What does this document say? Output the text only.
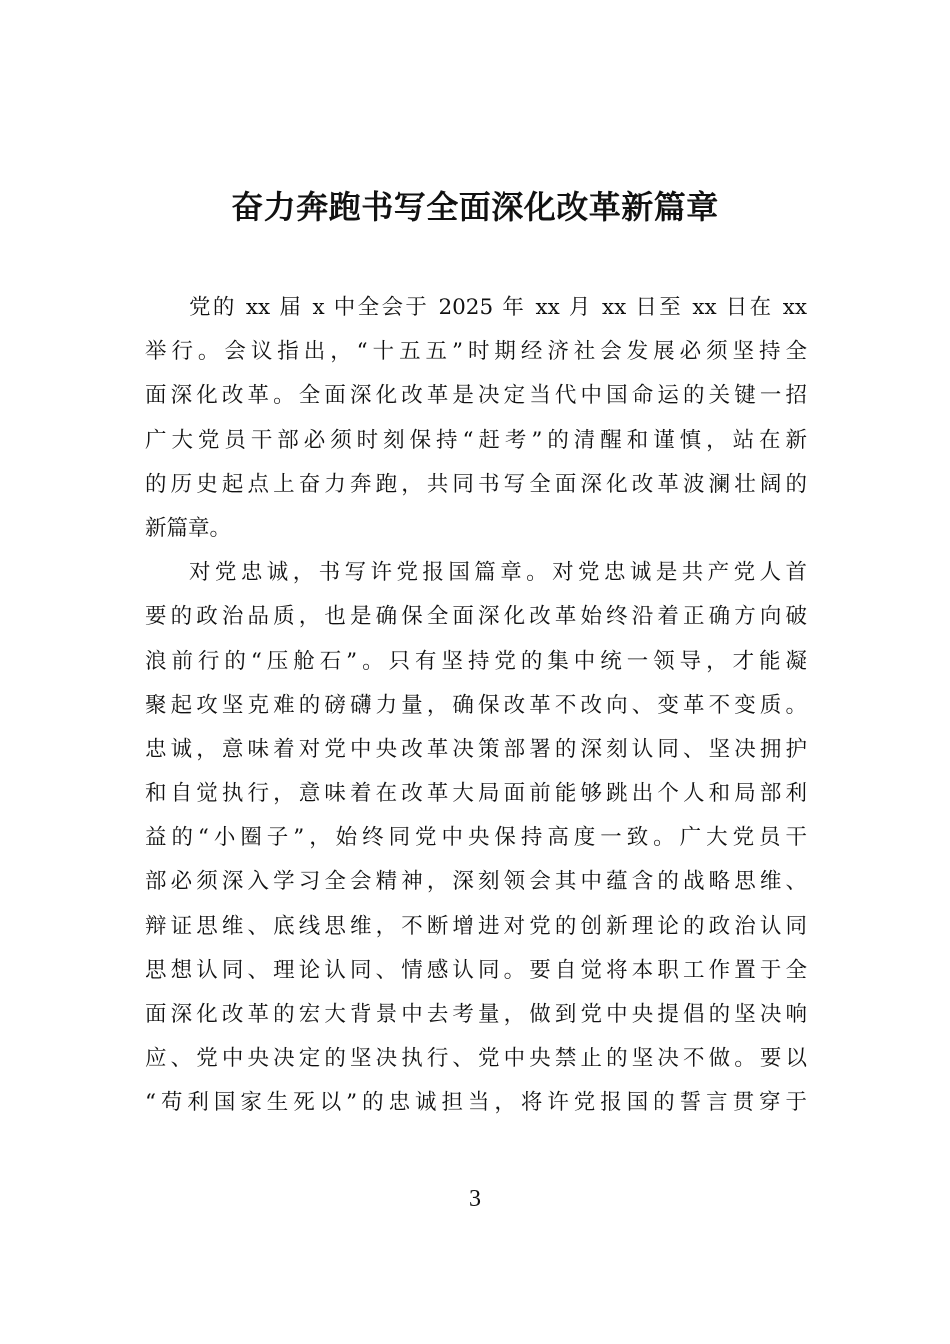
奋力奔跑书写全面深化改革新篇章
党的 xx 届 x 中全会于 2025 年 xx 月 xx 日至 xx 日在 xx
举行。会议指出，“十五五”时期经济社会发展必须坚持全
面深化改革。全面深化改革是决定当代中国命运的关键一招
广大党员干部必须时刻保持“赶考”的清醒和谨慎，站在新
的历史起点上奋力奔跑，共同书写全面深化改革波澜壮阔的
新篇章。
对党忠诚，书写许党报国篇章。对党忠诚是共产党人首
要的政治品质，也是确保全面深化改革始终沿着正确方向破
浪前行的“压舱石”。只有坚持党的集中统一领导，才能凝
聚起攻坚克难的磅礴力量，确保改革不改向、变革不变质。
忠诚，意味着对党中央改革决策部署的深刻认同、坚决拥护
和自觉执行，意味着在改革大局面前能够跳出个人和局部利
益的“小圈子”，始终同党中央保持高度一致。广大党员干
部必须深入学习全会精神，深刻领会其中蕴含的战略思维、
辩证思维、底线思维，不断增进对党的创新理论的政治认同
思想认同、理论认同、情感认同。要自觉将本职工作置于全
面深化改革的宏大背景中去考量，做到党中央提倡的坚决响
应、党中央决定的坚决执行、党中央禁止的坚决不做。要以
“苟利国家生死以”的忠诚担当，将许党报国的誓言贯穿于
3
